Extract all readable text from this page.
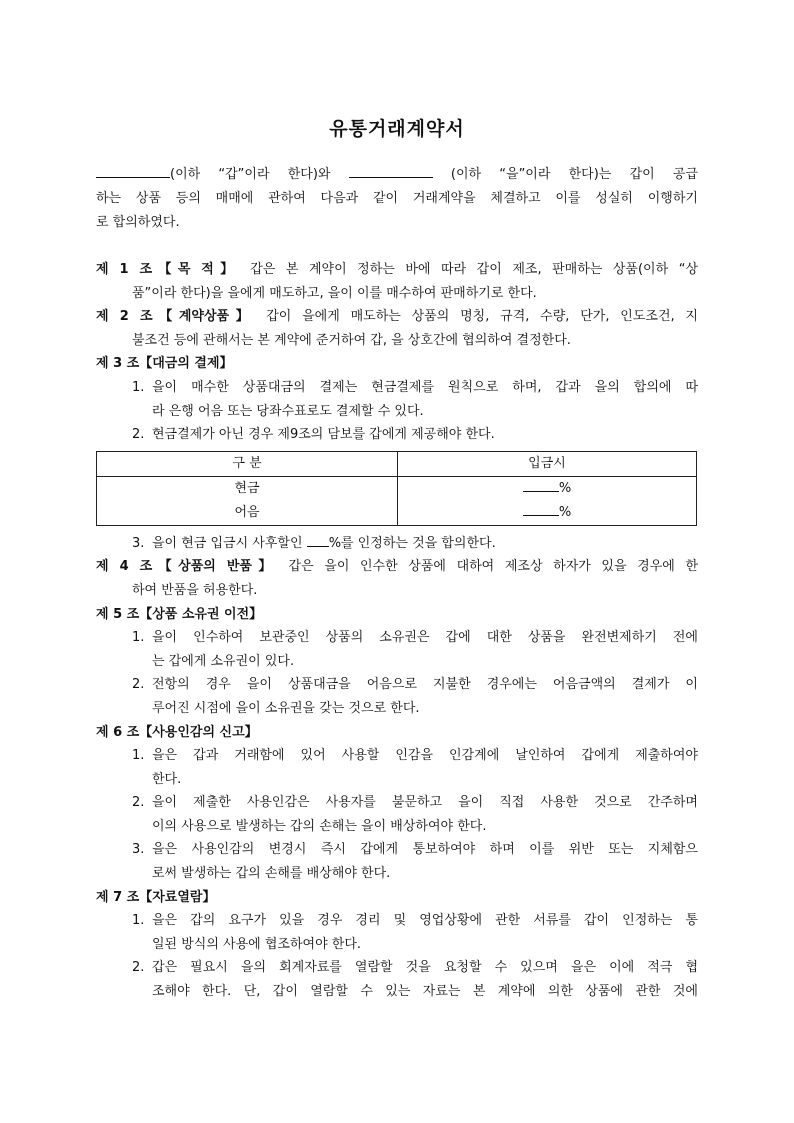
유통거래계약서
(이하 “갑”이라 한다)와	(이하 “을”이라 한다)는 갑이 공급
하는 상품 등의 매매에 관하여 다음과 같이 거래계약을 체결하고 이를 성실히 이행하기
로 합의하였다.
제 1 조【목 적】 갑은 본 계약이 정하는 바에 따라 갑이 제조, 판매하는 상품(이하 “상
품”이라 한다)을 을에게 매도하고, 을이 이를 매수하여 판매하기로 한다.
제 2 조【계약상품】 갑이 을에게 매도하는 상품의 명칭, 규격, 수량, 단가, 인도조건, 지
불조건 등에 관해서는 본 계약에 준거하여 갑, 을 상호간에 협의하여 결정한다.
제 3 조【대금의 결제】
1. 을이 매수한 상품대금의 결제는 현금결제를 원칙으로 하며, 갑과 을의 합의에 따
라 은행 어음 또는 당좌수표로도 결제할 수 있다.
2. 현금결제가 아닌 경우 제9조의 담보를 갑에게 제공해야 한다.
구 분	입금시
현금	%
어음	%
3. 을이 현금 입금시 사후할인 %를 인정하는 것을 합의한다.
제 4 조【상품의 반품】 갑은 을이 인수한 상품에 대하여 제조상 하자가 있을 경우에 한
하여 반품을 허용한다.
제 5 조【상품 소유권 이전】
1. 을이 인수하여 보관중인 상품의 소유권은 갑에 대한 상품을 완전변제하기 전에
는 갑에게 소유권이 있다.
2. 전항의 경우 을이 상품대금을 어음으로 지불한 경우에는 어음금액의 결제가 이
루어진 시점에 을이 소유권을 갖는 것으로 한다.
제 6 조【사용인감의 신고】
1. 을은 갑과 거래함에 있어 사용할 인감을 인감계에 날인하여 갑에게 제출하여야
한다.
2. 을이 제출한 사용인감은 사용자를 불문하고 을이 직접 사용한 것으로 간주하며
이의 사용으로 발생하는 갑의 손해는 을이 배상하여야 한다.
3. 을은 사용인감의 변경시 즉시 갑에게 통보하여야 하며 이를 위반 또는 지체함으
로써 발생하는 갑의 손해를 배상해야 한다.
제 7 조【자료열람】
1. 을은 갑의 요구가 있을 경우 경리 및 영업상황에 관한 서류를 갑이 인정하는 통
일된 방식의 사용에 협조하여야 한다.
2. 갑은 필요시 을의 회계자료를 열람할 것을 요청할 수 있으며 을은 이에 적극 협
조해야 한다. 단, 갑이 열람할 수 있는 자료는 본 계약에 의한 상품에 관한 것에
